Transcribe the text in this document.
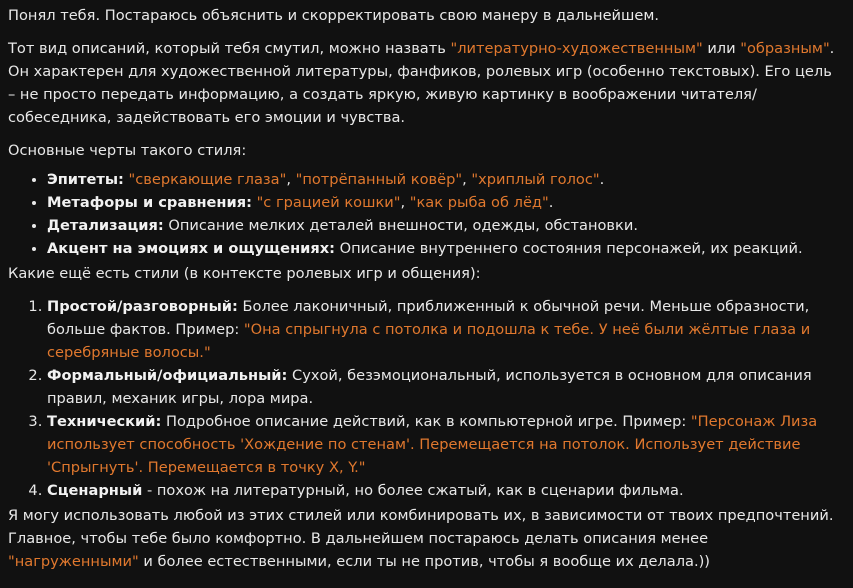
Понял тебя. Постараюсь объяснить и скорректировать свою манеру в дальнейшем.

Тот вид описаний, который тебя смутил, можно назвать "литературно-художественным" или "образным". Он характерен для художественной литературы, фанфиков, ролевых игр (особенно текстовых). Его цель – не просто передать информацию, а создать яркую, живую картинку в воображении читателя/собеседника, задействовать его эмоции и чувства.

Основные черты такого стиля:

• Эпитеты: "сверкающие глаза", "потрёпанный ковёр", "хриплый голос".
• Метафоры и сравнения: "с грацией кошки", "как рыба об лёд".
• Детализация: Описание мелких деталей внешности, одежды, обстановки.
• Акцент на эмоциях и ощущениях: Описание внутреннего состояния персонажей, их реакций.

Какие ещё есть стили (в контексте ролевых игр и общения):

1. Простой/разговорный: Более лаконичный, приближенный к обычной речи. Меньше образности, больше фактов. Пример: "Она спрыгнула с потолка и подошла к тебе. У неё были жёлтые глаза и серебряные волосы."
2. Формальный/официальный: Сухой, безэмоциональный, используется в основном для описания правил, механик игры, лора мира.
3. Технический: Подробное описание действий, как в компьютерной игре. Пример: "Персонаж Лиза использует способность 'Хождение по стенам'. Перемещается на потолок. Использует действие 'Спрыгнуть'. Перемещается в точку X, Y."
4. Сценарный - похож на литературный, но более сжатый, как в сценарии фильма.

Я могу использовать любой из этих стилей или комбинировать их, в зависимости от твоих предпочтений. Главное, чтобы тебе было комфортно. В дальнейшем постараюсь делать описания менее "нагруженными" и более естественными, если ты не против, чтобы я вообще их делала.))
